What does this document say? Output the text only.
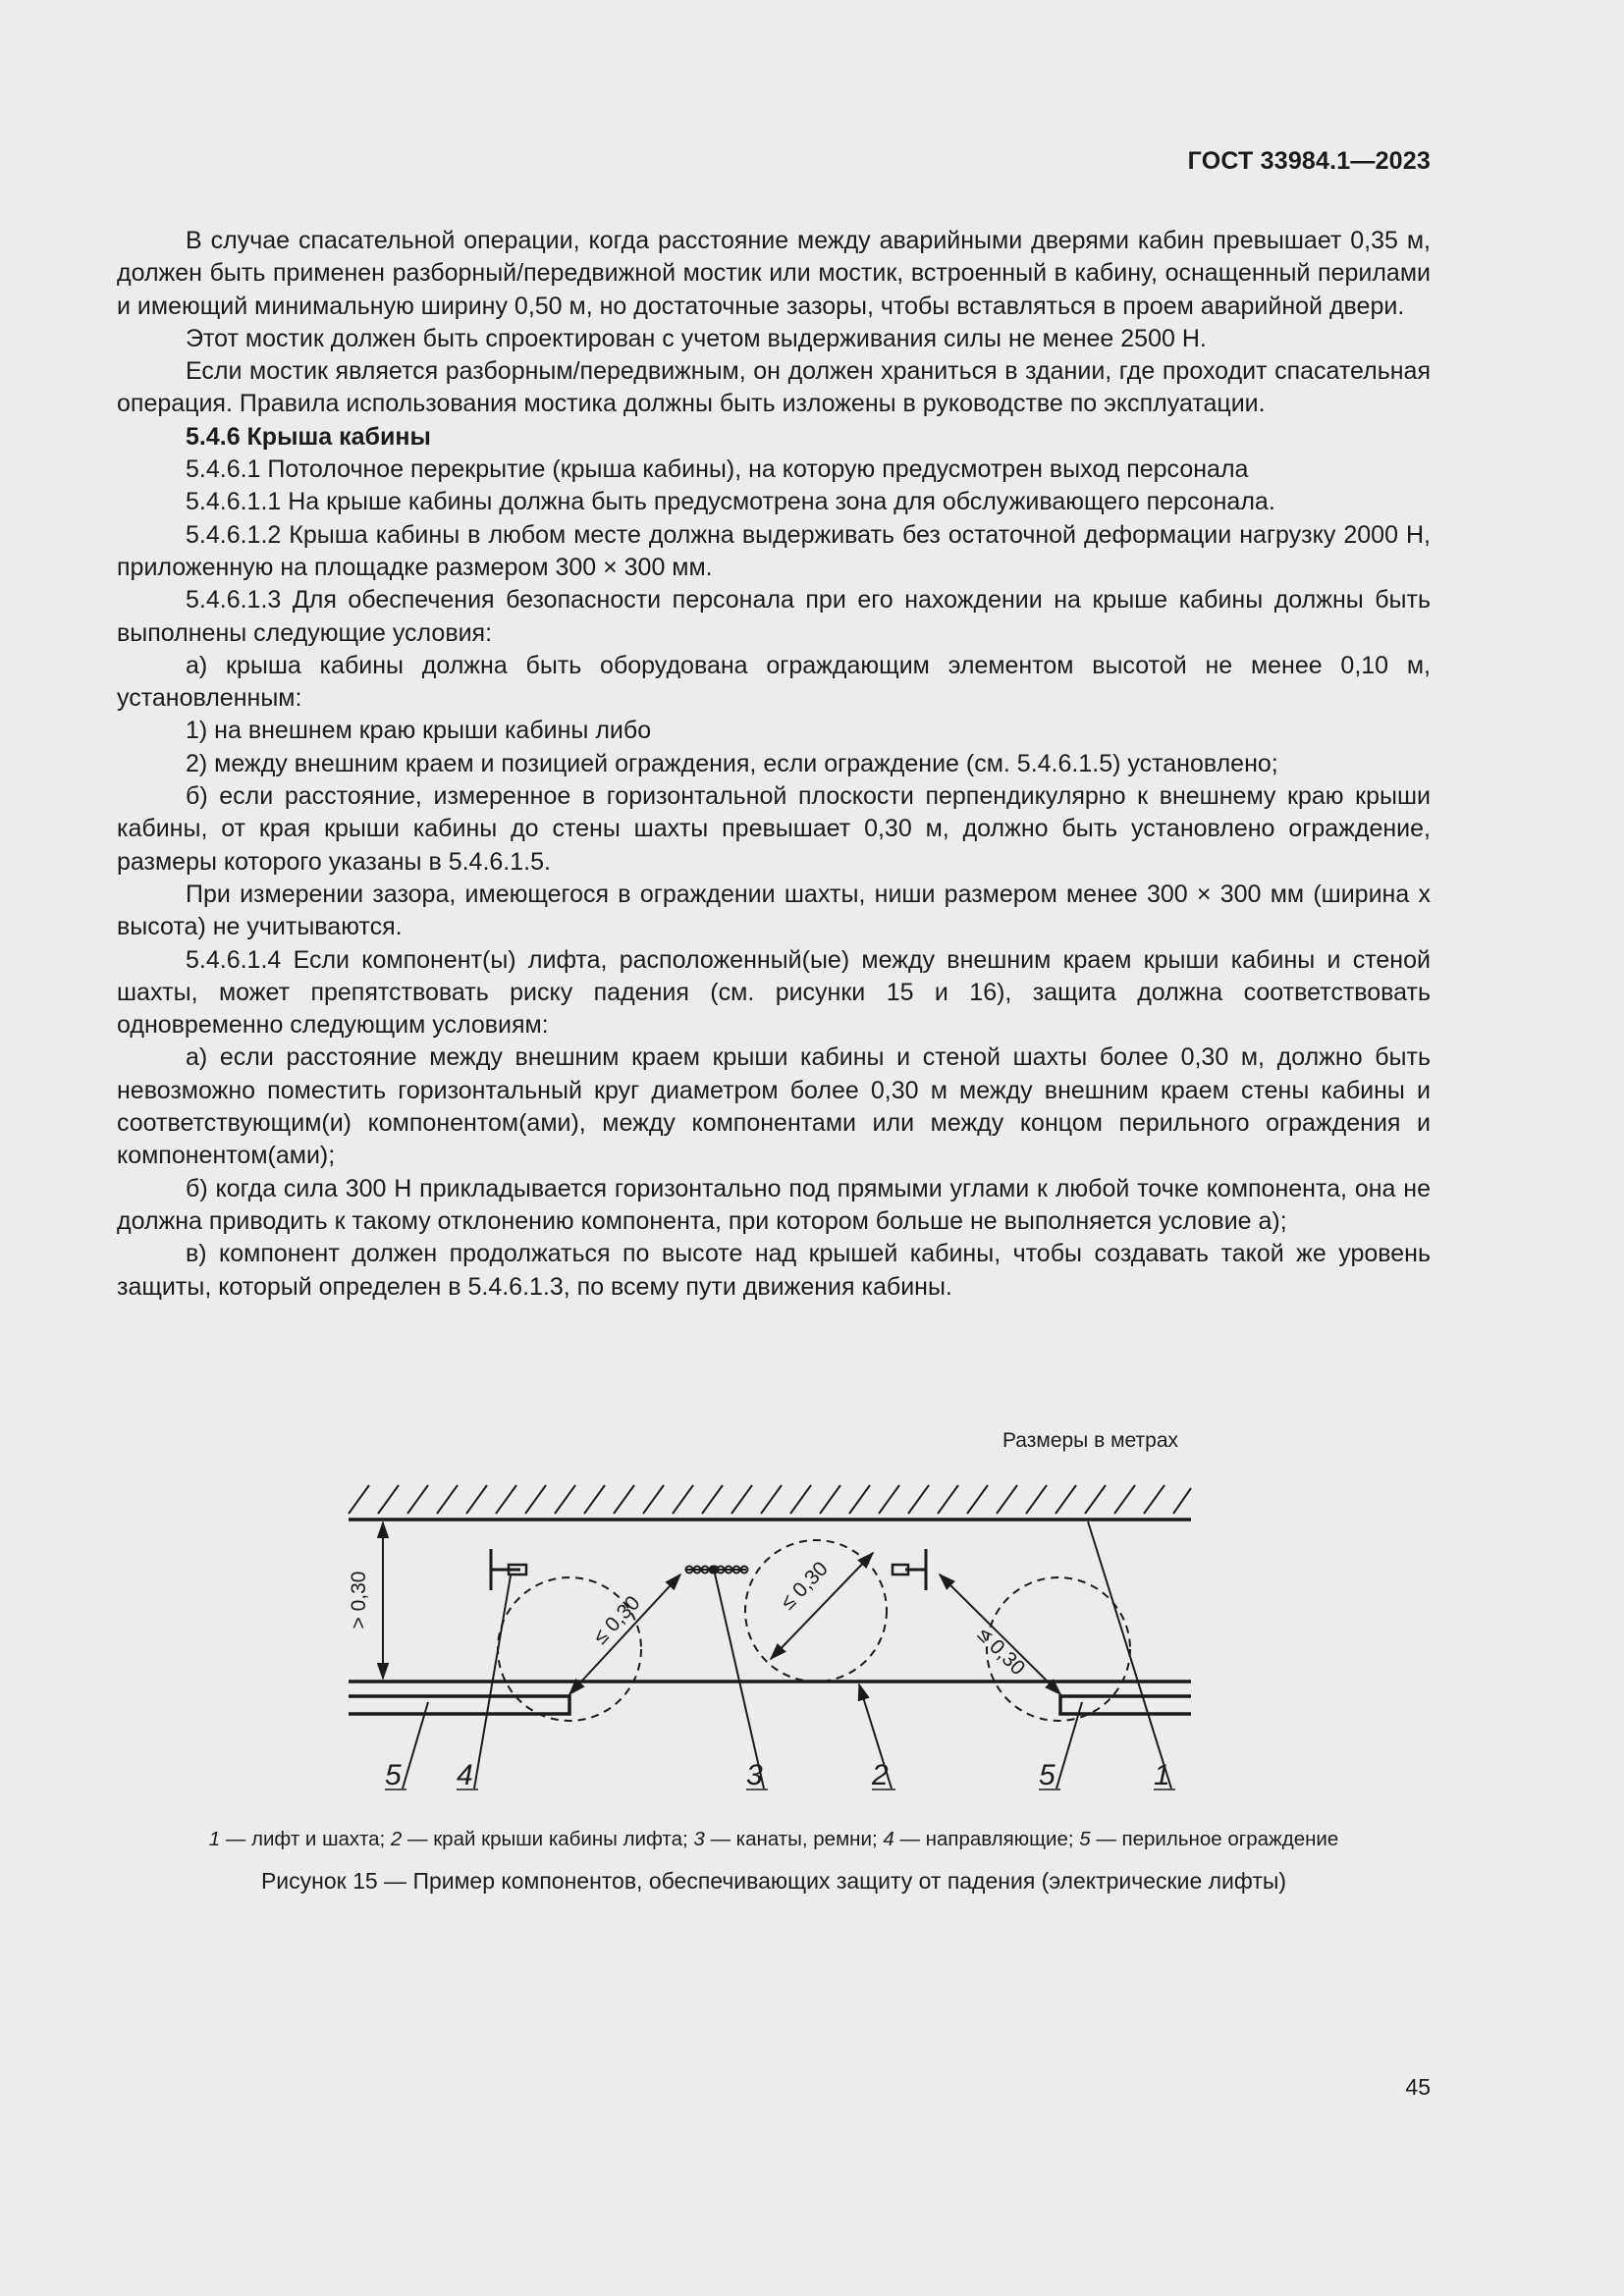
ГОСТ 33984.1—2023

В случае спасательной операции, когда расстояние между аварийными дверями кабин превышает 0,35 м, должен быть применен разборный/передвижной мостик или мостик, встроенный в кабину, оснащенный перилами и имеющий минимальную ширину 0,50 м, но достаточные зазоры, чтобы вставляться в проем аварийной двери.

Этот мостик должен быть спроектирован с учетом выдерживания силы не менее 2500 Н.

Если мостик является разборным/передвижным, он должен храниться в здании, где проходит спасательная операция. Правила использования мостика должны быть изложены в руководстве по эксплуатации.

5.4.6 Крыша кабины

5.4.6.1 Потолочное перекрытие (крыша кабины), на которую предусмотрен выход персонала

5.4.6.1.1 На крыше кабины должна быть предусмотрена зона для обслуживающего персонала.

5.4.6.1.2 Крыша кабины в любом месте должна выдерживать без остаточной деформации нагрузку 2000 Н, приложенную на площадке размером 300 × 300 мм.

5.4.6.1.3 Для обеспечения безопасности персонала при его нахождении на крыше кабины должны быть выполнены следующие условия:

а) крыша кабины должна быть оборудована ограждающим элементом высотой не менее 0,10 м, установленным:

1) на внешнем краю крыши кабины либо

2) между внешним краем и позицией ограждения, если ограждение (см. 5.4.6.1.5) установлено;

б) если расстояние, измеренное в горизонтальной плоскости перпендикулярно к внешнему краю крыши кабины, от края крыши кабины до стены шахты превышает 0,30 м, должно быть установлено ограждение, размеры которого указаны в 5.4.6.1.5.

При измерении зазора, имеющегося в ограждении шахты, ниши размером менее 300 × 300 мм (ширина х высота) не учитываются.

5.4.6.1.4 Если компонент(ы) лифта, расположенный(ые) между внешним краем крыши кабины и стеной шахты, может препятствовать риску падения (см. рисунки 15 и 16), защита должна соответствовать одновременно следующим условиям:

а) если расстояние между внешним краем крыши кабины и стеной шахты более 0,30 м, должно быть невозможно поместить горизонтальный круг диаметром более 0,30 м между внешним краем стены кабины и соответствующим(и) компонентом(ами), между компонентами или между концом перильного ограждения и компонентом(ами);

б) когда сила 300 Н прикладывается горизонтально под прямыми углами к любой точке компонента, она не должна приводить к такому отклонению компонента, при котором больше не выполняется условие а);

в) компонент должен продолжаться по высоте над крышей кабины, чтобы создавать такой же уровень защиты, который определен в 5.4.6.1.3, по всему пути движения кабины.

Размеры в метрах
> 0,30	≤ 0,30
≤ 0,30
≤ 0,30
5 4	3	2	5	1
1 — лифт и шахта; 2 — край крыши кабины лифта; 3 — канаты, ремни; 4 — направляющие; 5 — перильное ограждение
Рисунок 15 — Пример компонентов, обеспечивающих защиту от падения (электрические лифты)
45
